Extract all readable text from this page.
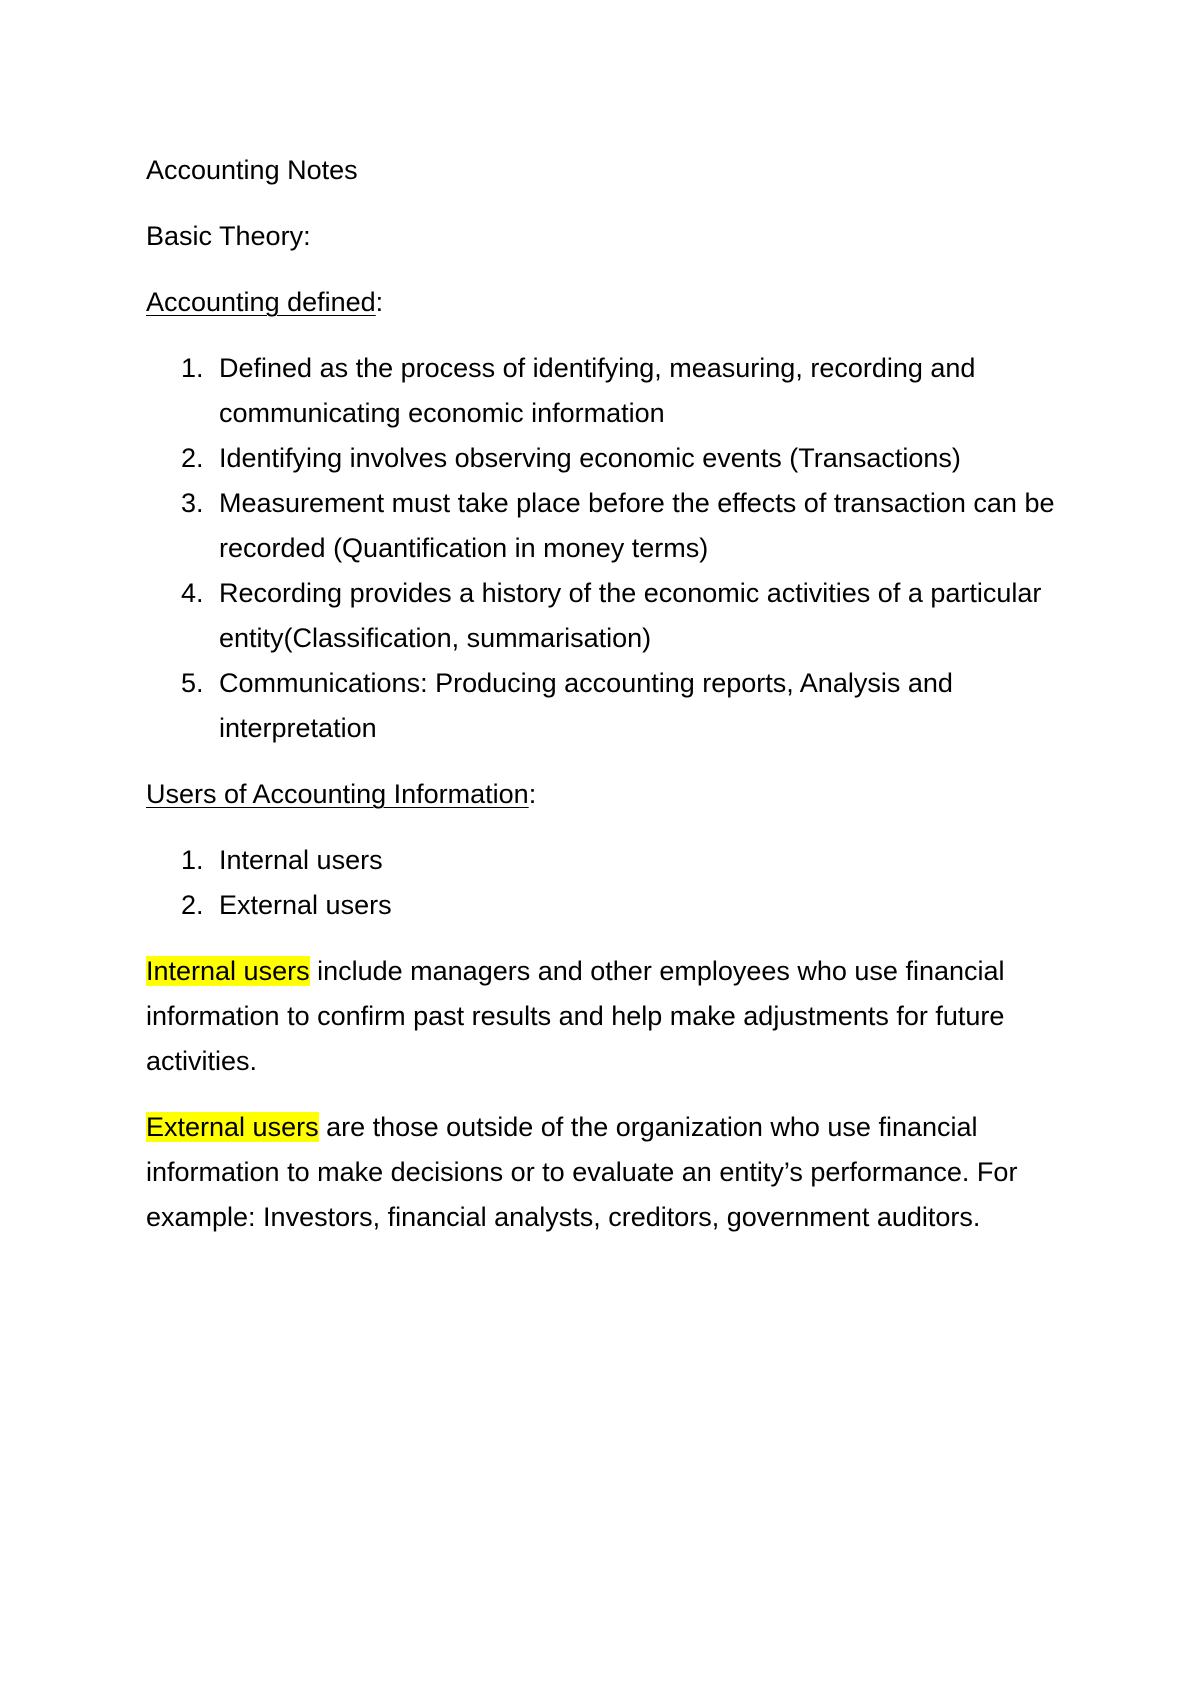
Accounting Notes

Basic Theory:

Accounting defined:

1. Defined as the process of identifying, measuring, recording and communicating economic information
2. Identifying involves observing economic events (Transactions)
3. Measurement must take place before the effects of transaction can be recorded (Quantification in money terms)
4. Recording provides a history of the economic activities of a particular entity(Classification, summarisation)
5. Communications: Producing accounting reports, Analysis and interpretation

Users of Accounting Information:

1. Internal users
2. External users

Internal users include managers and other employees who use financial information to confirm past results and help make adjustments for future activities.

External users are those outside of the organization who use financial information to make decisions or to evaluate an entity’s performance. For example: Investors, financial analysts, creditors, government auditors.
